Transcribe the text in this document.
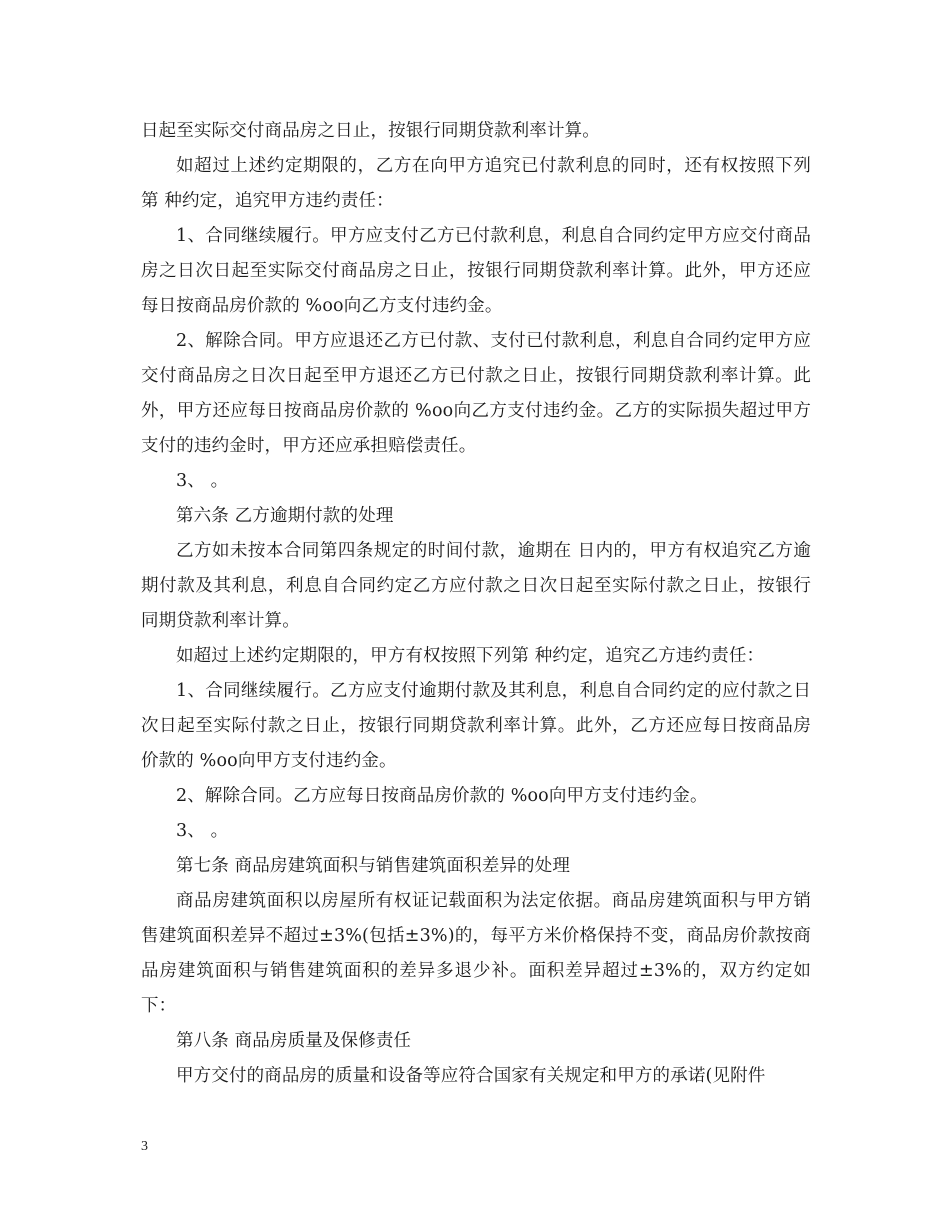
日起至实际交付商品房之日止，按银行同期贷款利率计算。

如超过上述约定期限的，乙方在向甲方追究已付款利息的同时，还有权按照下列第 种约定，追究甲方违约责任：

1、合同继续履行。甲方应支付乙方已付款利息，利息自合同约定甲方应交付商品房之日次日起至实际交付商品房之日止，按银行同期贷款利率计算。此外，甲方还应每日按商品房价款的 %oo向乙方支付违约金。

2、解除合同。甲方应退还乙方已付款、支付已付款利息，利息自合同约定甲方应交付商品房之日次日起至甲方退还乙方已付款之日止，按银行同期贷款利率计算。此外，甲方还应每日按商品房价款的 %oo向乙方支付违约金。乙方的实际损失超过甲方支付的违约金时，甲方还应承担赔偿责任。

3、 。

第六条 乙方逾期付款的处理

乙方如未按本合同第四条规定的时间付款，逾期在 日内的，甲方有权追究乙方逾期付款及其利息，利息自合同约定乙方应付款之日次日起至实际付款之日止，按银行同期贷款利率计算。

如超过上述约定期限的，甲方有权按照下列第 种约定，追究乙方违约责任：

1、合同继续履行。乙方应支付逾期付款及其利息，利息自合同约定的应付款之日次日起至实际付款之日止，按银行同期贷款利率计算。此外，乙方还应每日按商品房价款的 %oo向甲方支付违约金。

2、解除合同。乙方应每日按商品房价款的 %oo向甲方支付违约金。

3、 。

第七条 商品房建筑面积与销售建筑面积差异的处理

商品房建筑面积以房屋所有权证记载面积为法定依据。商品房建筑面积与甲方销售建筑面积差异不超过±3%(包括±3%)的，每平方米价格保持不变，商品房价款按商品房建筑面积与销售建筑面积的差异多退少补。面积差异超过±3%的，双方约定如下：

第八条 商品房质量及保修责任

甲方交付的商品房的质量和设备等应符合国家有关规定和甲方的承诺(见附件

3
